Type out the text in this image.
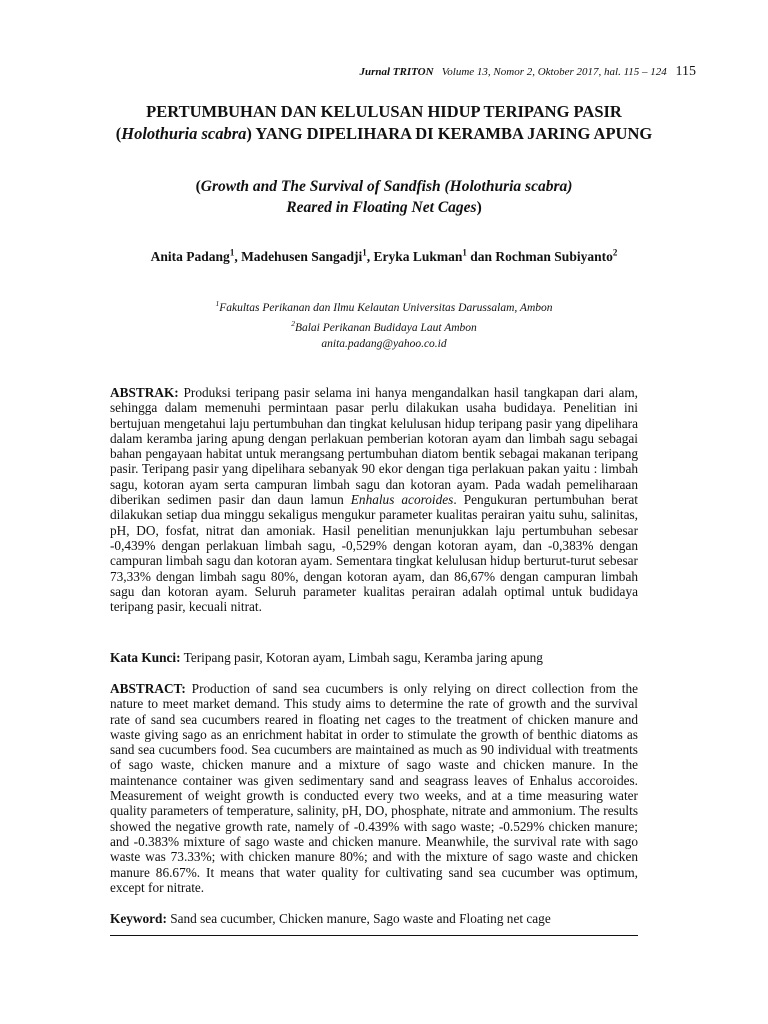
Jurnal TRITON Volume 13, Nomor 2, Oktober 2017, hal. 115 – 124 115
PERTUMBUHAN DAN KELULUSAN HIDUP TERIPANG PASIR
(Holothuria scabra) YANG DIPELIHARA DI KERAMBA JARING APUNG
(Growth and The Survival of Sandfish (Holothuria scabra)
Reared in Floating Net Cages)
Anita Padang$^1$, Madehusen Sangadji$^1$, Eryka Lukman$^1$ dan Rochman Subiyanto$^2$
$^1$Fakultas Perikanan dan Ilmu Kelautan Universitas Darussalam, Ambon
$^2$Balai Perikanan Budidaya Laut Ambon
anita.padang@yahoo.co.id
ABSTRAK: Produksi teripang pasir selama ini hanya mengandalkan hasil tangkapan dari alam, sehingga dalam memenuhi permintaan pasar perlu dilakukan usaha budidaya. Penelitian ini bertujuan mengetahui laju pertumbuhan dan tingkat kelulusan hidup teripang pasir yang dipelihara dalam keramba jaring apung dengan perlakuan pemberian kotoran ayam dan limbah sagu sebagai bahan pengayaan habitat untuk merangsang pertumbuhan diatom bentik sebagai makanan teripang pasir. Teripang pasir yang dipelihara sebanyak 90 ekor dengan tiga perlakuan pakan yaitu : limbah sagu, kotoran ayam serta campuran limbah sagu dan kotoran ayam. Pada wadah pemeliharaan diberikan sedimen pasir dan daun lamun Enhalus acoroides. Pengukuran pertumbuhan berat dilakukan setiap dua minggu sekaligus mengukur parameter kualitas perairan yaitu suhu, salinitas, pH, DO, fosfat, nitrat dan amoniak. Hasil penelitian menunjukkan laju pertumbuhan sebesar -0,439% dengan perlakuan limbah sagu, -0,529% dengan kotoran ayam, dan -0,383% dengan campuran limbah sagu dan kotoran ayam. Sementara tingkat kelulusan hidup berturut-turut sebesar 73,33% dengan limbah sagu 80%, dengan kotoran ayam, dan 86,67% dengan campuran limbah sagu dan kotoran ayam. Seluruh parameter kualitas perairan adalah optimal untuk budidaya teripang pasir, kecuali nitrat.
Kata Kunci: Teripang pasir, Kotoran ayam, Limbah sagu, Keramba jaring apung
ABSTRACT: Production of sand sea cucumbers is only relying on direct collection from the nature to meet market demand. This study aims to determine the rate of growth and the survival rate of sand sea cucumbers reared in floating net cages to the treatment of chicken manure and waste giving sago as an enrichment habitat in order to stimulate the growth of benthic diatoms as sand sea cucumbers food. Sea cucumbers are maintained as much as 90 individual with treatments of sago waste, chicken manure and a mixture of sago waste and chicken manure. In the maintenance container was given sedimentary sand and seagrass leaves of Enhalus accoroides. Measurement of weight growth is conducted every two weeks, and at a time measuring water quality parameters of temperature, salinity, pH, DO, phosphate, nitrate and ammonium. The results showed the negative growth rate, namely of -0.439% with sago waste; -0.529% chicken manure; and -0.383% mixture of sago waste and chicken manure. Meanwhile, the survival rate with sago waste was 73.33%; with chicken manure 80%; and with the mixture of sago waste and chicken manure 86.67%. It means that water quality for cultivating sand sea cucumber was optimum, except for nitrate.
Keyword: Sand sea cucumber, Chicken manure, Sago waste and Floating net cage
